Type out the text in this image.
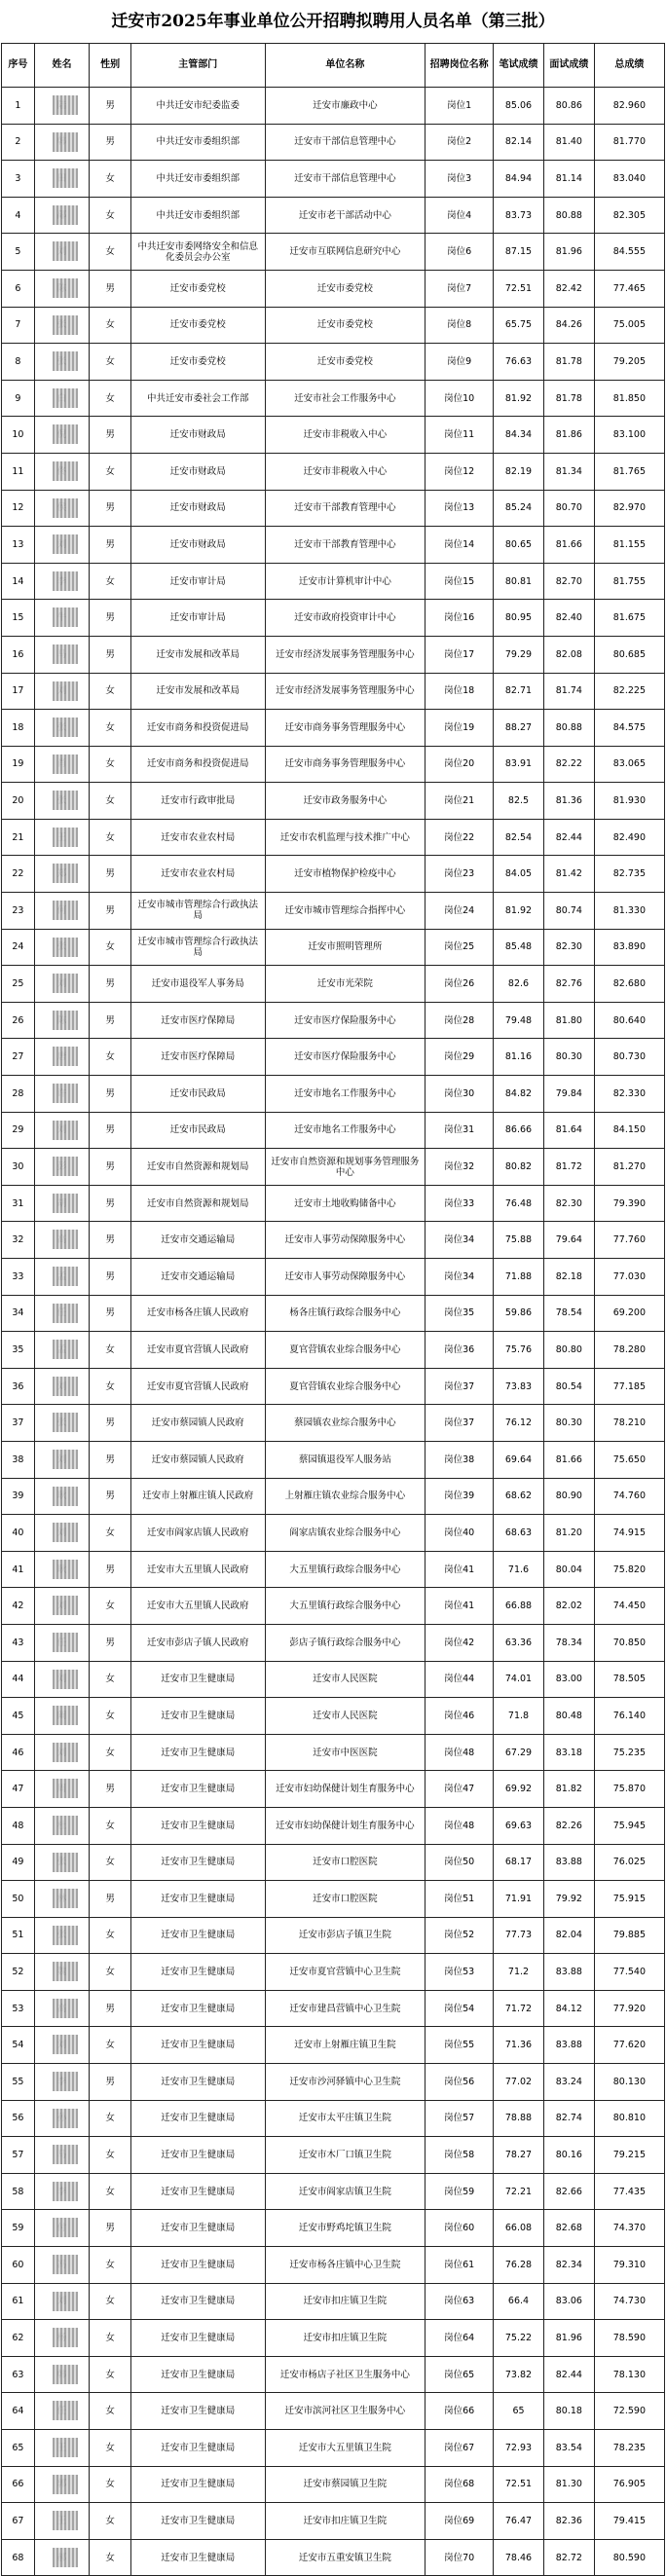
迁安市2025年事业单位公开招聘拟聘用人员名单（第三批）
序号	姓名	性别	主管部门	单位名称	招聘岗位名称	笔试成绩	面试成绩	总成绩
1		男	中共迁安市纪委监委	迁安市廉政中心	岗位1	85.06	80.86	82.960
2		男	中共迁安市委组织部	迁安市干部信息管理中心	岗位2	82.14	81.40	81.770
3		女	中共迁安市委组织部	迁安市干部信息管理中心	岗位3	84.94	81.14	83.040
4		女	中共迁安市委组织部	迁安市老干部活动中心	岗位4	83.73	80.88	82.305
5		女	中共迁安市委网络安全和信息化委员会办公室	迁安市互联网信息研究中心	岗位6	87.15	81.96	84.555
6		男	迁安市委党校	迁安市委党校	岗位7	72.51	82.42	77.465
7		女	迁安市委党校	迁安市委党校	岗位8	65.75	84.26	75.005
8		女	迁安市委党校	迁安市委党校	岗位9	76.63	81.78	79.205
9		女	中共迁安市委社会工作部	迁安市社会工作服务中心	岗位10	81.92	81.78	81.850
10		男	迁安市财政局	迁安市非税收入中心	岗位11	84.34	81.86	83.100
11		女	迁安市财政局	迁安市非税收入中心	岗位12	82.19	81.34	81.765
12		男	迁安市财政局	迁安市干部教育管理中心	岗位13	85.24	80.70	82.970
13		男	迁安市财政局	迁安市干部教育管理中心	岗位14	80.65	81.66	81.155
14		女	迁安市审计局	迁安市计算机审计中心	岗位15	80.81	82.70	81.755
15		男	迁安市审计局	迁安市政府投资审计中心	岗位16	80.95	82.40	81.675
16		男	迁安市发展和改革局	迁安市经济发展事务管理服务中心	岗位17	79.29	82.08	80.685
17		女	迁安市发展和改革局	迁安市经济发展事务管理服务中心	岗位18	82.71	81.74	82.225
18		女	迁安市商务和投资促进局	迁安市商务事务管理服务中心	岗位19	88.27	80.88	84.575
19		女	迁安市商务和投资促进局	迁安市商务事务管理服务中心	岗位20	83.91	82.22	83.065
20		女	迁安市行政审批局	迁安市政务服务中心	岗位21	82.5	81.36	81.930
21		女	迁安市农业农村局	迁安市农机监理与技术推广中心	岗位22	82.54	82.44	82.490
22		男	迁安市农业农村局	迁安市植物保护检疫中心	岗位23	84.05	81.42	82.735
23		男	迁安市城市管理综合行政执法局	迁安市城市管理综合指挥中心	岗位24	81.92	80.74	81.330
24		女	迁安市城市管理综合行政执法局	迁安市照明管理所	岗位25	85.48	82.30	83.890
25		男	迁安市退役军人事务局	迁安市光荣院	岗位26	82.6	82.76	82.680
26		男	迁安市医疗保障局	迁安市医疗保险服务中心	岗位28	79.48	81.80	80.640
27		女	迁安市医疗保障局	迁安市医疗保险服务中心	岗位29	81.16	80.30	80.730
28		男	迁安市民政局	迁安市地名工作服务中心	岗位30	84.82	79.84	82.330
29		男	迁安市民政局	迁安市地名工作服务中心	岗位31	86.66	81.64	84.150
30		男	迁安市自然资源和规划局	迁安市自然资源和规划事务管理服务中心	岗位32	80.82	81.72	81.270
31		男	迁安市自然资源和规划局	迁安市土地收购储备中心	岗位33	76.48	82.30	79.390
32		男	迁安市交通运输局	迁安市人事劳动保障服务中心	岗位34	75.88	79.64	77.760
33		男	迁安市交通运输局	迁安市人事劳动保障服务中心	岗位34	71.88	82.18	77.030
34		男	迁安市杨各庄镇人民政府	杨各庄镇行政综合服务中心	岗位35	59.86	78.54	69.200
35		女	迁安市夏官营镇人民政府	夏官营镇农业综合服务中心	岗位36	75.76	80.80	78.280
36		女	迁安市夏官营镇人民政府	夏官营镇农业综合服务中心	岗位37	73.83	80.54	77.185
37		男	迁安市蔡园镇人民政府	蔡园镇农业综合服务中心	岗位37	76.12	80.30	78.210
38		男	迁安市蔡园镇人民政府	蔡园镇退役军人服务站	岗位38	69.64	81.66	75.650
39		男	迁安市上射雁庄镇人民政府	上射雁庄镇农业综合服务中心	岗位39	68.62	80.90	74.760
40		女	迁安市阎家店镇人民政府	阎家店镇农业综合服务中心	岗位40	68.63	81.20	74.915
41		男	迁安市大五里镇人民政府	大五里镇行政综合服务中心	岗位41	71.6	80.04	75.820
42		女	迁安市大五里镇人民政府	大五里镇行政综合服务中心	岗位41	66.88	82.02	74.450
43		男	迁安市彭店子镇人民政府	彭店子镇行政综合服务中心	岗位42	63.36	78.34	70.850
44		女	迁安市卫生健康局	迁安市人民医院	岗位44	74.01	83.00	78.505
45		女	迁安市卫生健康局	迁安市人民医院	岗位46	71.8	80.48	76.140
46		女	迁安市卫生健康局	迁安市中医医院	岗位48	67.29	83.18	75.235
47		男	迁安市卫生健康局	迁安市妇幼保健计划生育服务中心	岗位47	69.92	81.82	75.870
48		女	迁安市卫生健康局	迁安市妇幼保健计划生育服务中心	岗位48	69.63	82.26	75.945
49		女	迁安市卫生健康局	迁安市口腔医院	岗位50	68.17	83.88	76.025
50		男	迁安市卫生健康局	迁安市口腔医院	岗位51	71.91	79.92	75.915
51		女	迁安市卫生健康局	迁安市彭店子镇卫生院	岗位52	77.73	82.04	79.885
52		女	迁安市卫生健康局	迁安市夏官营镇中心卫生院	岗位53	71.2	83.88	77.540
53		男	迁安市卫生健康局	迁安市建昌营镇中心卫生院	岗位54	71.72	84.12	77.920
54		女	迁安市卫生健康局	迁安市上射雁庄镇卫生院	岗位55	71.36	83.88	77.620
55		男	迁安市卫生健康局	迁安市沙河驿镇中心卫生院	岗位56	77.02	83.24	80.130
56		女	迁安市卫生健康局	迁安市太平庄镇卫生院	岗位57	78.88	82.74	80.810
57		女	迁安市卫生健康局	迁安市木厂口镇卫生院	岗位58	78.27	80.16	79.215
58		女	迁安市卫生健康局	迁安市阎家店镇卫生院	岗位59	72.21	82.66	77.435
59		男	迁安市卫生健康局	迁安市野鸡坨镇卫生院	岗位60	66.08	82.68	74.370
60		女	迁安市卫生健康局	迁安市杨各庄镇中心卫生院	岗位61	76.28	82.34	79.310
61		女	迁安市卫生健康局	迁安市扣庄镇卫生院	岗位63	66.4	83.06	74.730
62		女	迁安市卫生健康局	迁安市扣庄镇卫生院	岗位64	75.22	81.96	78.590
63		女	迁安市卫生健康局	迁安市杨店子社区卫生服务中心	岗位65	73.82	82.44	78.130
64		女	迁安市卫生健康局	迁安市滨河社区卫生服务中心	岗位66	65	80.18	72.590
65		女	迁安市卫生健康局	迁安市大五里镇卫生院	岗位67	72.93	83.54	78.235
66		女	迁安市卫生健康局	迁安市蔡园镇卫生院	岗位68	72.51	81.30	76.905
67		女	迁安市卫生健康局	迁安市扣庄镇卫生院	岗位69	76.47	82.36	79.415
68		女	迁安市卫生健康局	迁安市五重安镇卫生院	岗位70	78.46	82.72	80.590
